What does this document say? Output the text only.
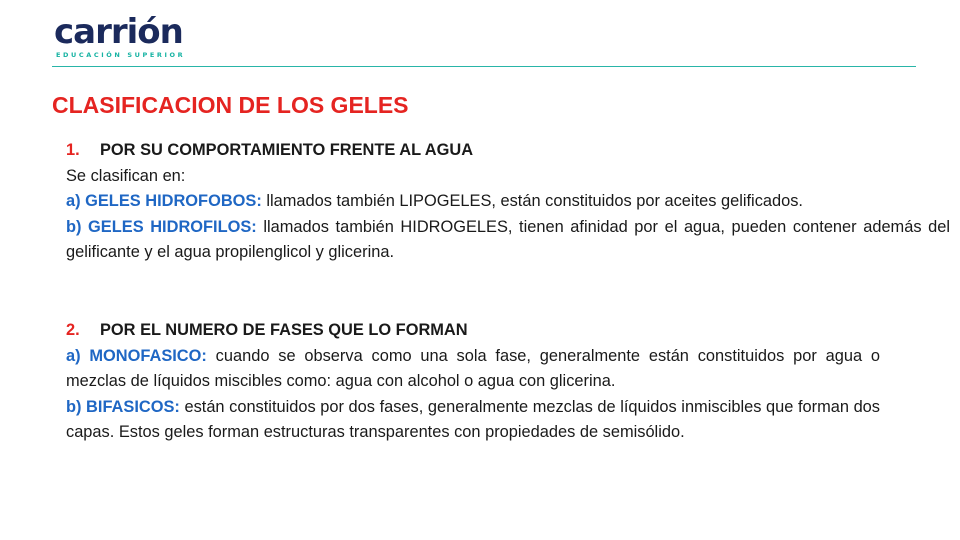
carrión
EDUCACIÓN SUPERIOR
CLASIFICACION DE LOS GELES

1. POR SU COMPORTAMIENTO FRENTE AL AGUA

Se clasifican en:

a) GELES HIDROFOBOS: llamados también LIPOGELES, están constituidos por aceites gelificados.

b) GELES HIDROFILOS: llamados también HIDROGELES, tienen afinidad por el agua, pueden contener además del gelificante y el agua propilenglicol y glicerina.

2. POR EL NUMERO DE FASES QUE LO FORMAN

a) MONOFASICO: cuando se observa como una sola fase, generalmente están constituidos por agua o mezclas de líquidos miscibles como: agua con alcohol o agua con glicerina.

b) BIFASICOS: están constituidos por dos fases, generalmente mezclas de líquidos inmiscibles que forman dos capas. Estos geles forman estructuras transparentes con propiedades de semisólido.
